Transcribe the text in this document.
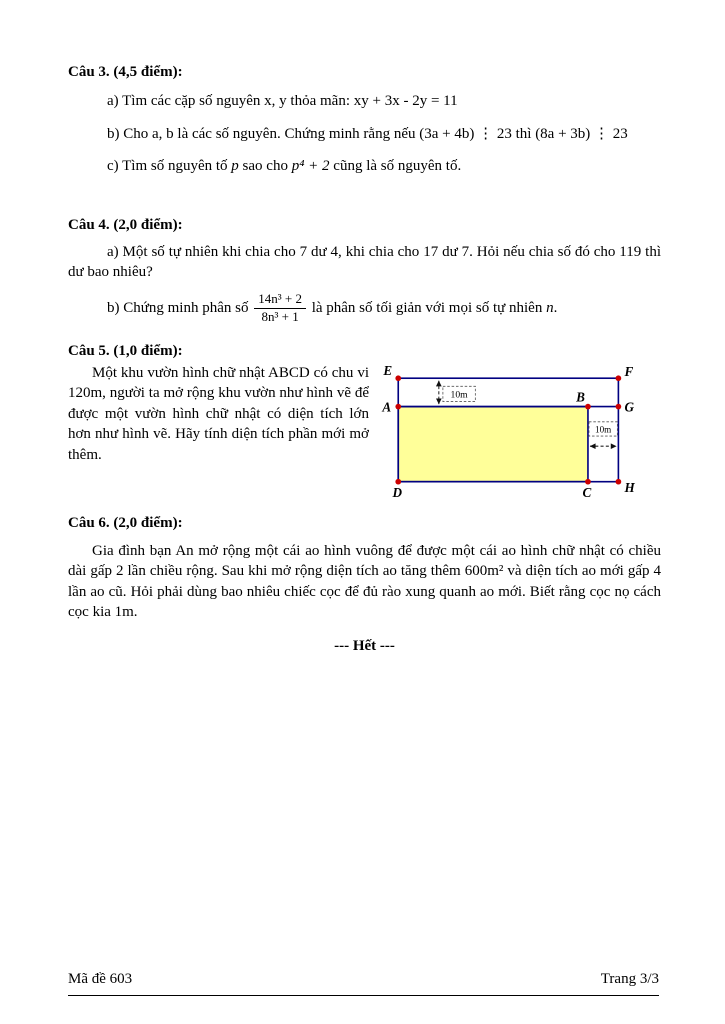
Câu 3. (4,5 điểm):

a) Tìm các cặp số nguyên x, y thỏa mãn: xy + 3x - 2y = 11

b) Cho a, b là các số nguyên. Chứng minh rằng nếu (3a + 4b) ⋮ 23 thì (8a + 3b) ⋮ 23

c) Tìm số nguyên tố p sao cho p⁴ + 2 cũng là số nguyên tố.

Câu 4. (2,0 điểm):

a) Một số tự nhiên khi chia cho 7 dư 4, khi chia cho 17 dư 7. Hỏi nếu chia số đó cho 119 thì dư bao nhiêu?

b) Chứng minh phân số $\frac{\text{14n³ + 2}}{\text{8n³ + 1}}$ là phân số tối giản với mọi số tự nhiên n.

Câu 5. (1,0 điểm):

10m
10m
E	F
A
B
G
D	C	H

Một khu vườn hình chữ nhật ABCD có chu vi 120m, người ta mở rộng khu vườn như hình vẽ để được một vườn hình chữ nhật có diện tích lớn hơn như hình vẽ. Hãy tính diện tích phần mới mở thêm.

Câu 6. (2,0 điểm):

Gia đình bạn An mở rộng một cái ao hình vuông để được một cái ao hình chữ nhật có chiều dài gấp 2 lần chiều rộng. Sau khi mở rộng diện tích ao tăng thêm 600m² và diện tích ao mới gấp 4 lần ao cũ. Hỏi phải dùng bao nhiêu chiếc cọc để đủ rào xung quanh ao mới. Biết rằng cọc nọ cách cọc kia 1m.

--- Hết ---

Mã đề 603	Trang 3/3
